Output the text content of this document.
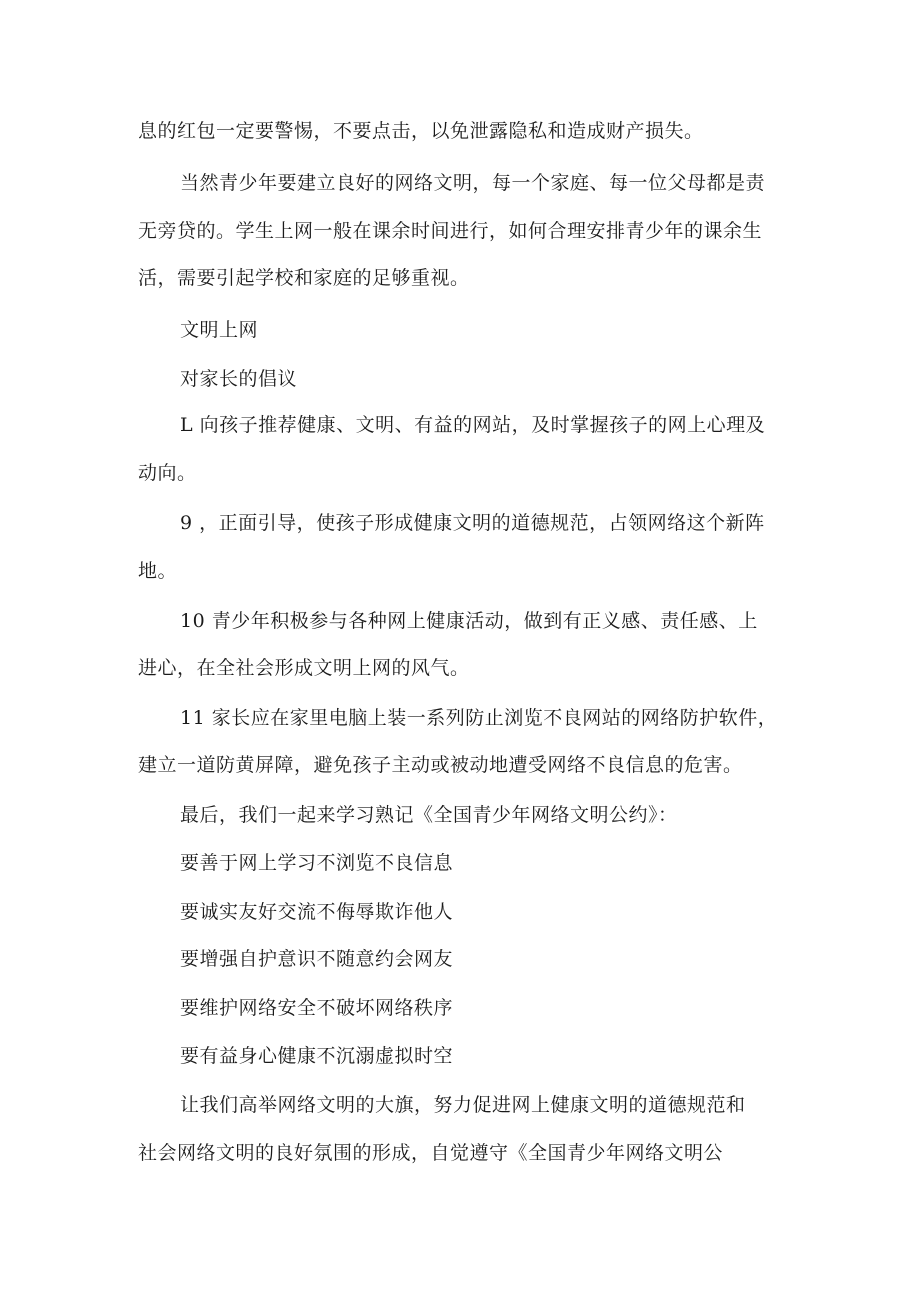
息的红包一定要警惕，不要点击，以免泄露隐私和造成财产损失。
当然青少年要建立良好的网络文明，每一个家庭、每一位父母都是责
无旁贷的。学生上网一般在课余时间进行，如何合理安排青少年的课余生
活，需要引起学校和家庭的足够重视。
文明上网
对家长的倡议
L 向孩子推荐健康、文明、有益的网站，及时掌握孩子的网上心理及
动向。
9 ，正面引导，使孩子形成健康文明的道德规范，占领网络这个新阵
地。
10 青少年积极参与各种网上健康活动，做到有正义感、责任感、上
进心，在全社会形成文明上网的风气。
11 家长应在家里电脑上装一系列防止浏览不良网站的网络防护软件，
建立一道防黄屏障，避免孩子主动或被动地遭受网络不良信息的危害。
最后，我们一起来学习熟记《全国青少年网络文明公约》：
要善于网上学习不浏览不良信息
要诚实友好交流不侮辱欺诈他人
要增强自护意识不随意约会网友
要维护网络安全不破坏网络秩序
要有益身心健康不沉溺虚拟时空
让我们高举网络文明的大旗，努力促进网上健康文明的道德规范和
社会网络文明的良好氛围的形成，自觉遵守《全国青少年网络文明公
